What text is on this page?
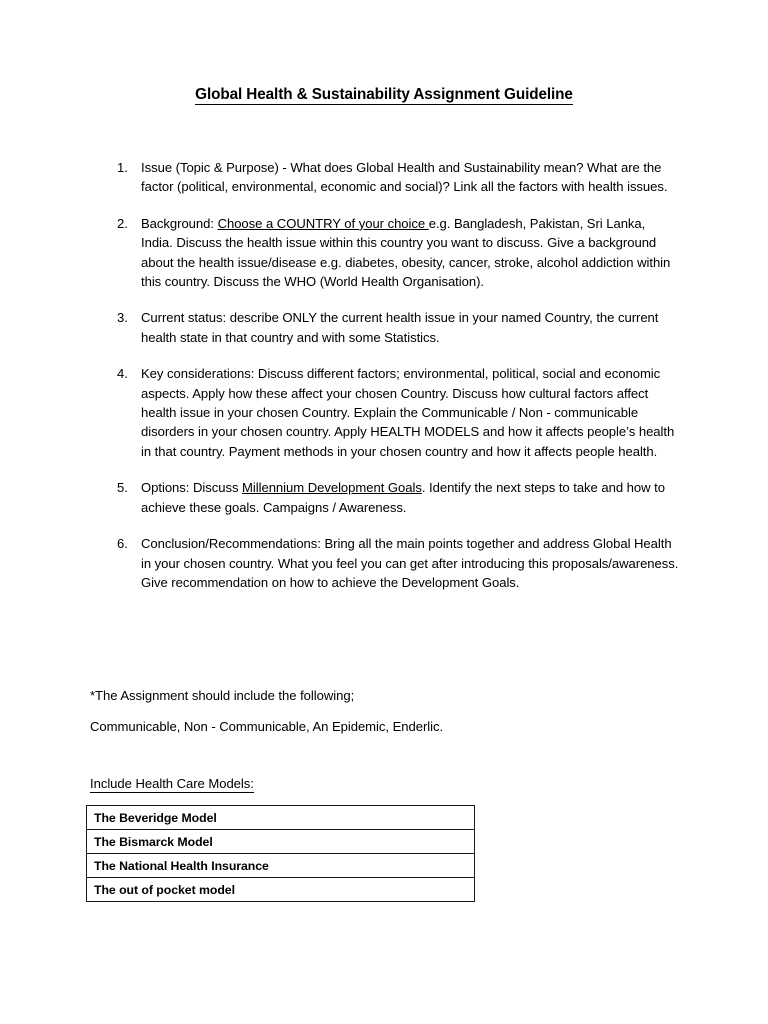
Global Health & Sustainability Assignment Guideline
1.	Issue (Topic & Purpose) - What does Global Health and Sustainability mean? What are the factor (political, environmental, economic and social)? Link all the factors with health issues.
2.	Background: Choose a COUNTRY of your choice e.g. Bangladesh, Pakistan, Sri Lanka, India. Discuss the health issue within this country you want to discuss. Give a background about the health issue/disease e.g. diabetes, obesity, cancer, stroke, alcohol addiction within this country. Discuss the WHO (World Health Organisation).
3.	Current status: describe ONLY the current health issue in your named Country, the current health state in that country and with some Statistics.
4.	Key considerations: Discuss different factors; environmental, political, social and economic aspects. Apply how these affect your chosen Country. Discuss how cultural factors affect health issue in your chosen Country. Explain the Communicable / Non - communicable disorders in your chosen country. Apply HEALTH MODELS and how it affects people’s health in that country. Payment methods in your chosen country and how it affects people health.
5.	Options: Discuss Millennium Development Goals. Identify the next steps to take and how to achieve these goals. Campaigns / Awareness.
6.	Conclusion/Recommendations: Bring all the main points together and address Global Health in your chosen country. What you feel you can get after introducing this proposals/awareness. Give recommendation on how to achieve the Development Goals.
*The Assignment should include the following;
Communicable, Non - Communicable, An Epidemic, Enderlic.
Include Health Care Models:
The Beveridge Model
The Bismarck Model
The National Health Insurance
The out of pocket model
